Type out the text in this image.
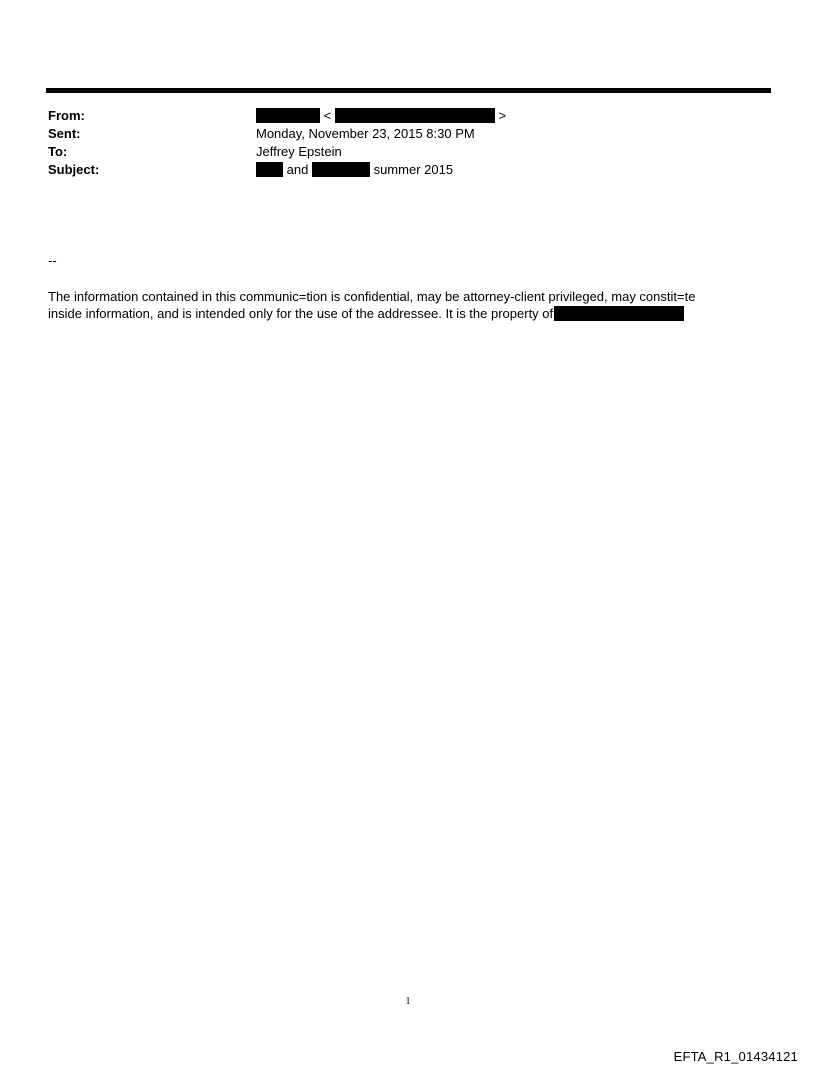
From:	<	>
Sent:	Monday, November 23, 2015 8:30 PM
To:	Jeffrey Epstein
Subject:	and	summer 2015
--
The information contained in this communic=tion is confidential, may be attorney-client privileged, may constit=te
inside information, and is intended only for the use of the addressee. It is the property of
1
EFTA_R1_01434121
